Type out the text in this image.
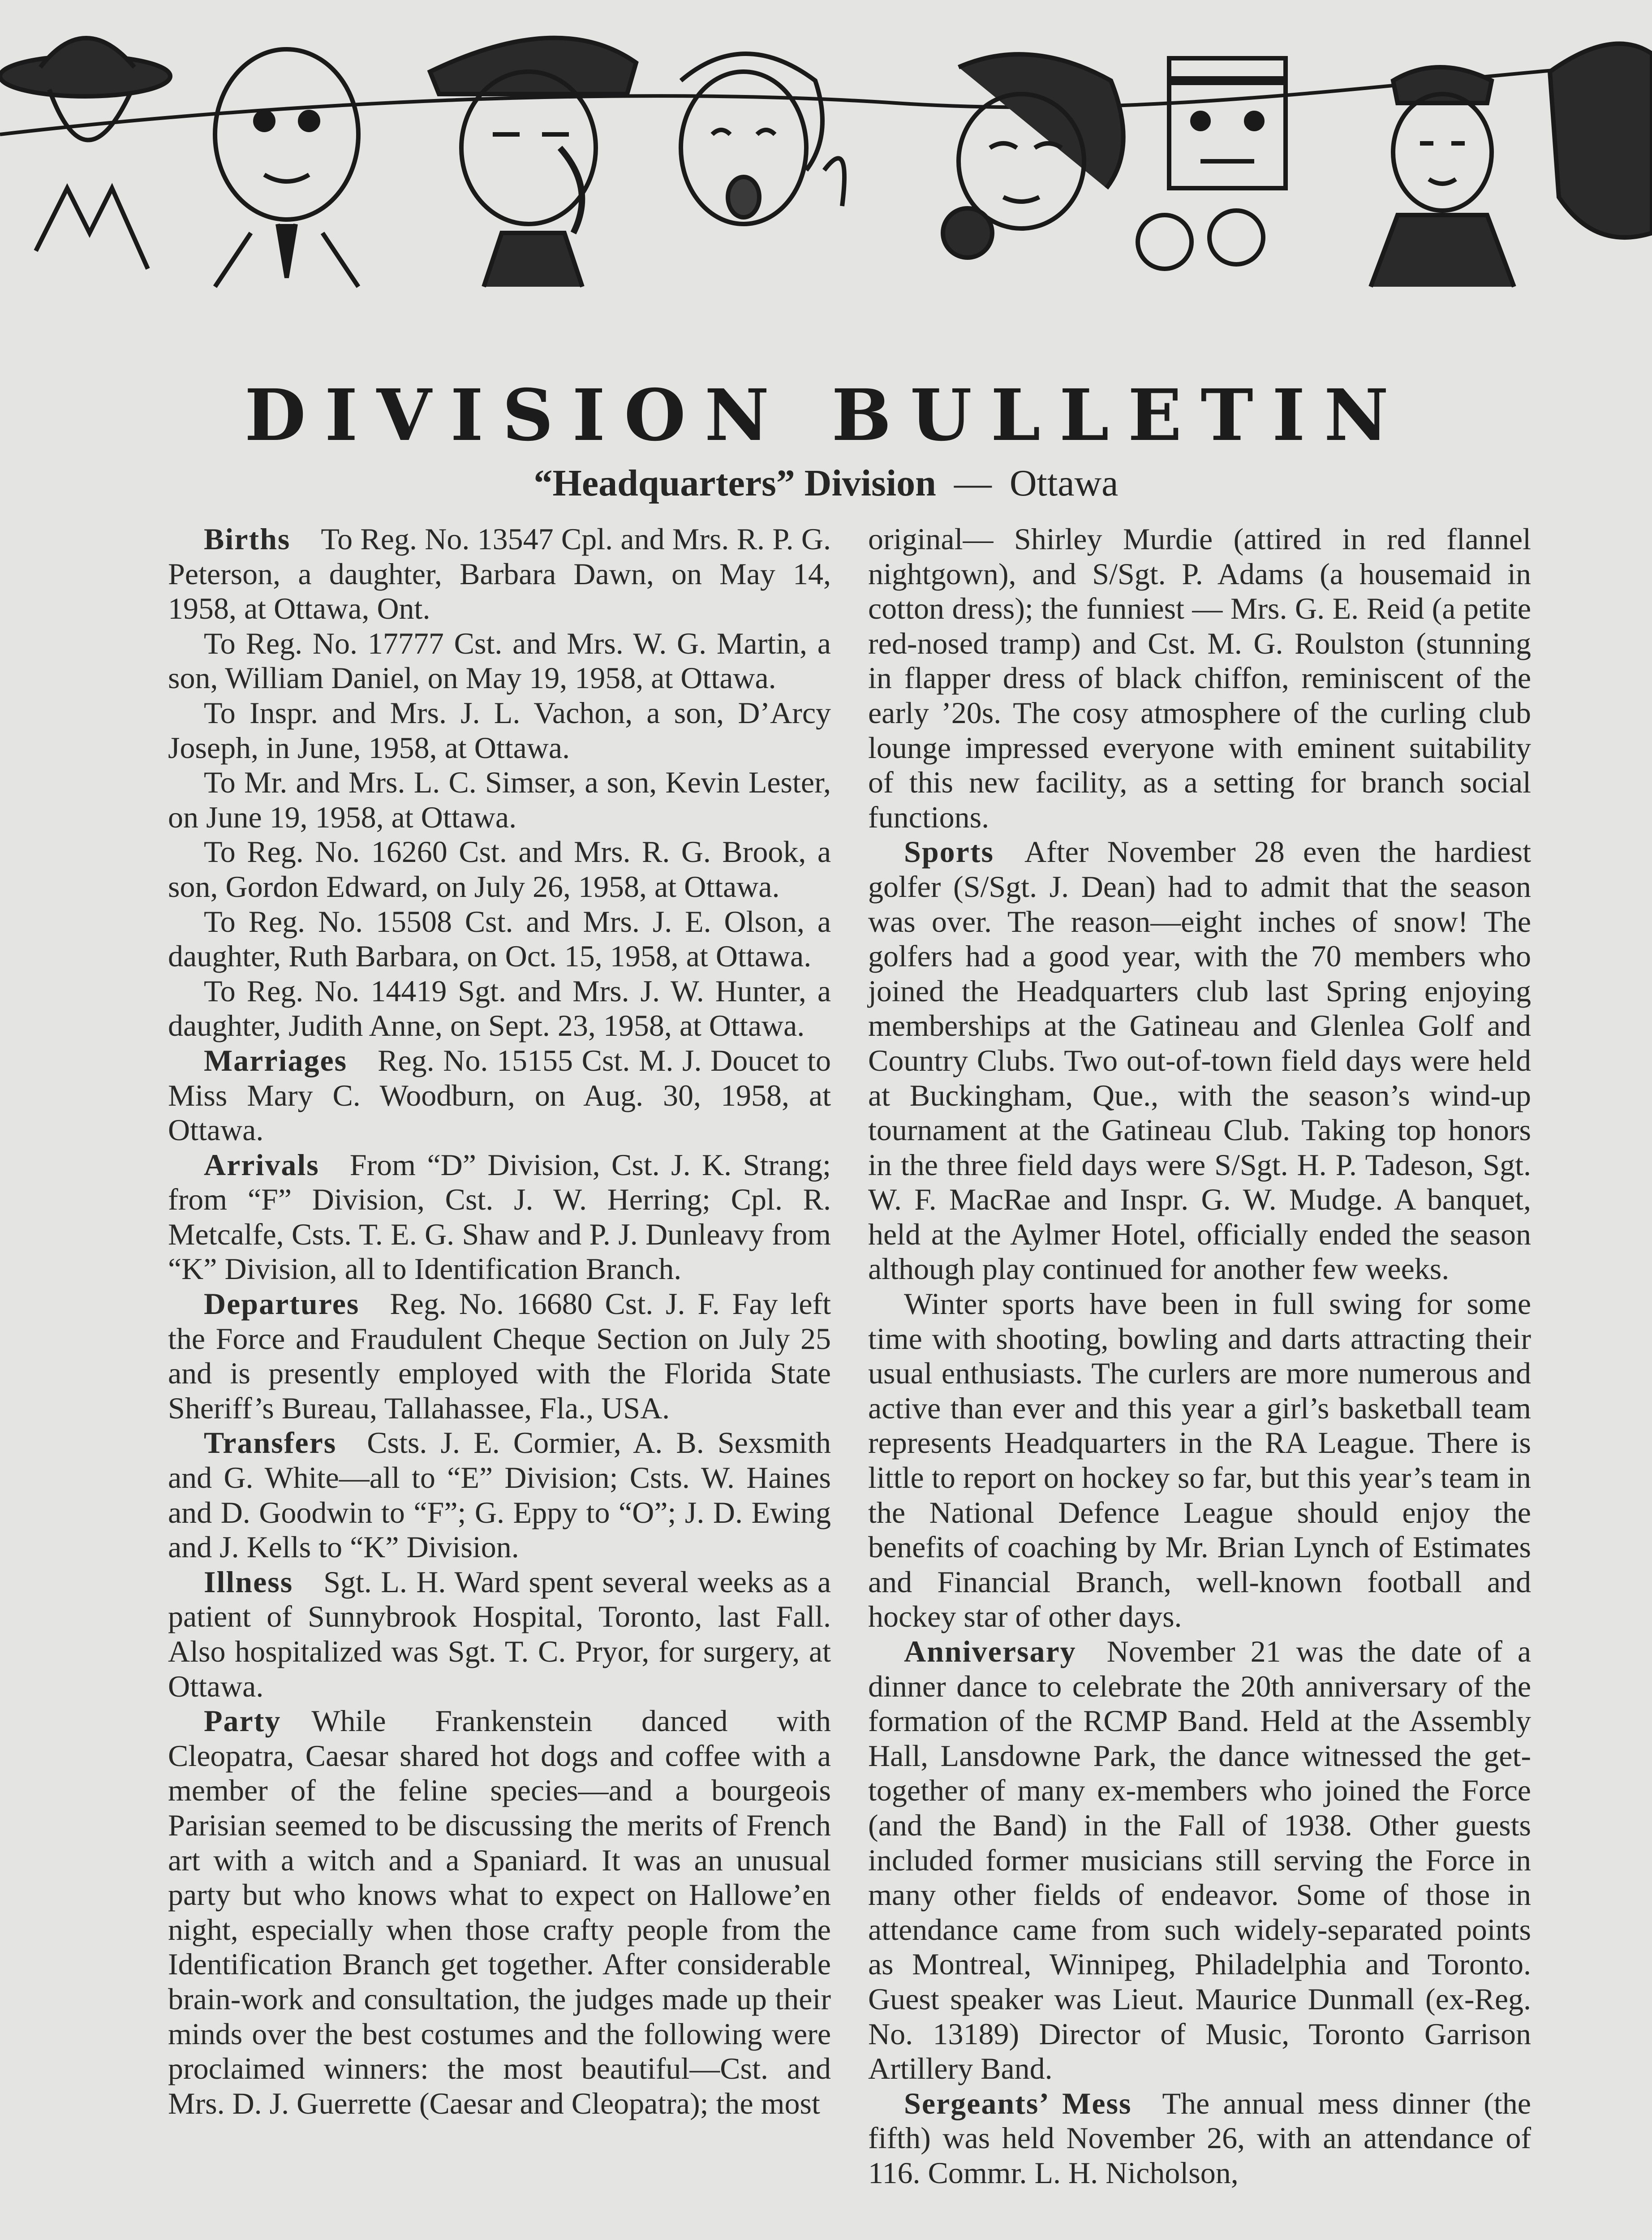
DIVISION BULLETIN
“Headquarters” Division — Ottawa

Births  To Reg. No. 13547 Cpl. and Mrs. R. P. G. Peterson, a daughter, Barbara Dawn, on May 14, 1958, at Ottawa, Ont.

To Reg. No. 17777 Cst. and Mrs. W. G. Martin, a son, William Daniel, on May 19, 1958, at Ottawa.

To Inspr. and Mrs. J. L. Vachon, a son, D’Arcy Joseph, in June, 1958, at Ottawa.

To Mr. and Mrs. L. C. Simser, a son, Kevin Lester, on June 19, 1958, at Ottawa.

To Reg. No. 16260 Cst. and Mrs. R. G. Brook, a son, Gordon Edward, on July 26, 1958, at Ottawa.

To Reg. No. 15508 Cst. and Mrs. J. E. Olson, a daughter, Ruth Barbara, on Oct. 15, 1958, at Ottawa.

To Reg. No. 14419 Sgt. and Mrs. J. W. Hunter, a daughter, Judith Anne, on Sept. 23, 1958, at Ottawa.

Marriages  Reg. No. 15155 Cst. M. J. Doucet to Miss Mary C. Woodburn, on Aug. 30, 1958, at Ottawa.

Arrivals  From “D” Division, Cst. J. K. Strang; from “F” Division, Cst. J. W. Herring; Cpl. R. Metcalfe, Csts. T. E. G. Shaw and P. J. Dunleavy from “K” Division, all to Identification Branch.

Departures  Reg. No. 16680 Cst. J. F. Fay left the Force and Fraudulent Cheque Section on July 25 and is presently employed with the Florida State Sheriff’s Bureau, Tallahassee, Fla., USA.

Transfers  Csts. J. E. Cormier, A. B. Sexsmith and G. White—all to “E” Division; Csts. W. Haines and D. Goodwin to “F”; G. Eppy to “O”; J. D. Ewing and J. Kells to “K” Division.

Illness  Sgt. L. H. Ward spent several weeks as a patient of Sunnybrook Hospital, Toronto, last Fall. Also hospitalized was Sgt. T. C. Pryor, for surgery, at Ottawa.

Party  While Frankenstein danced with Cleopatra, Caesar shared hot dogs and coffee with a member of the feline species—and a bourgeois Parisian seemed to be discussing the merits of French art with a witch and a Spaniard. It was an unusual party but who knows what to expect on Hallowe’en night, especially when those crafty people from the Identification Branch get together. After considerable brain-work and consultation, the judges made up their minds over the best costumes and the following were proclaimed winners: the most beautiful—Cst. and Mrs. D. J. Guerrette (Caesar and Cleopatra); the most

original— Shirley Murdie (attired in red flannel nightgown), and S/Sgt. P. Adams (a housemaid in cotton dress); the funniest — Mrs. G. E. Reid (a petite red-nosed tramp) and Cst. M. G. Roulston (stunning in flapper dress of black chiffon, reminiscent of the early ’20s. The cosy atmosphere of the curling club lounge impressed everyone with eminent suitability of this new facility, as a setting for branch social functions.

Sports  After November 28 even the hardiest golfer (S/Sgt. J. Dean) had to admit that the season was over. The reason—eight inches of snow! The golfers had a good year, with the 70 members who joined the Headquarters club last Spring enjoying memberships at the Gatineau and Glenlea Golf and Country Clubs. Two out-of-town field days were held at Buckingham, Que., with the season’s wind-up tournament at the Gatineau Club. Taking top honors in the three field days were S/Sgt. H. P. Tadeson, Sgt. W. F. MacRae and Inspr. G. W. Mudge. A banquet, held at the Aylmer Hotel, officially ended the season although play continued for another few weeks.

Winter sports have been in full swing for some time with shooting, bowling and darts attracting their usual enthusiasts. The curlers are more numerous and active than ever and this year a girl’s basketball team represents Headquarters in the RA League. There is little to report on hockey so far, but this year’s team in the National Defence League should enjoy the benefits of coaching by Mr. Brian Lynch of Estimates and Financial Branch, well-known football and hockey star of other days.

Anniversary  November 21 was the date of a dinner dance to celebrate the 20th anniversary of the formation of the RCMP Band. Held at the Assembly Hall, Lansdowne Park, the dance witnessed the get-together of many ex-members who joined the Force (and the Band) in the Fall of 1938. Other guests included former musicians still serving the Force in many other fields of endeavor. Some of those in attendance came from such widely-separated points as Montreal, Winnipeg, Philadelphia and Toronto. Guest speaker was Lieut. Maurice Dunmall (ex-Reg. No. 13189) Director of Music, Toronto Garrison Artillery Band.

Sergeants’ Mess  The annual mess dinner (the fifth) was held November 26, with an attendance of 116. Commr. L. H. Nicholson,
